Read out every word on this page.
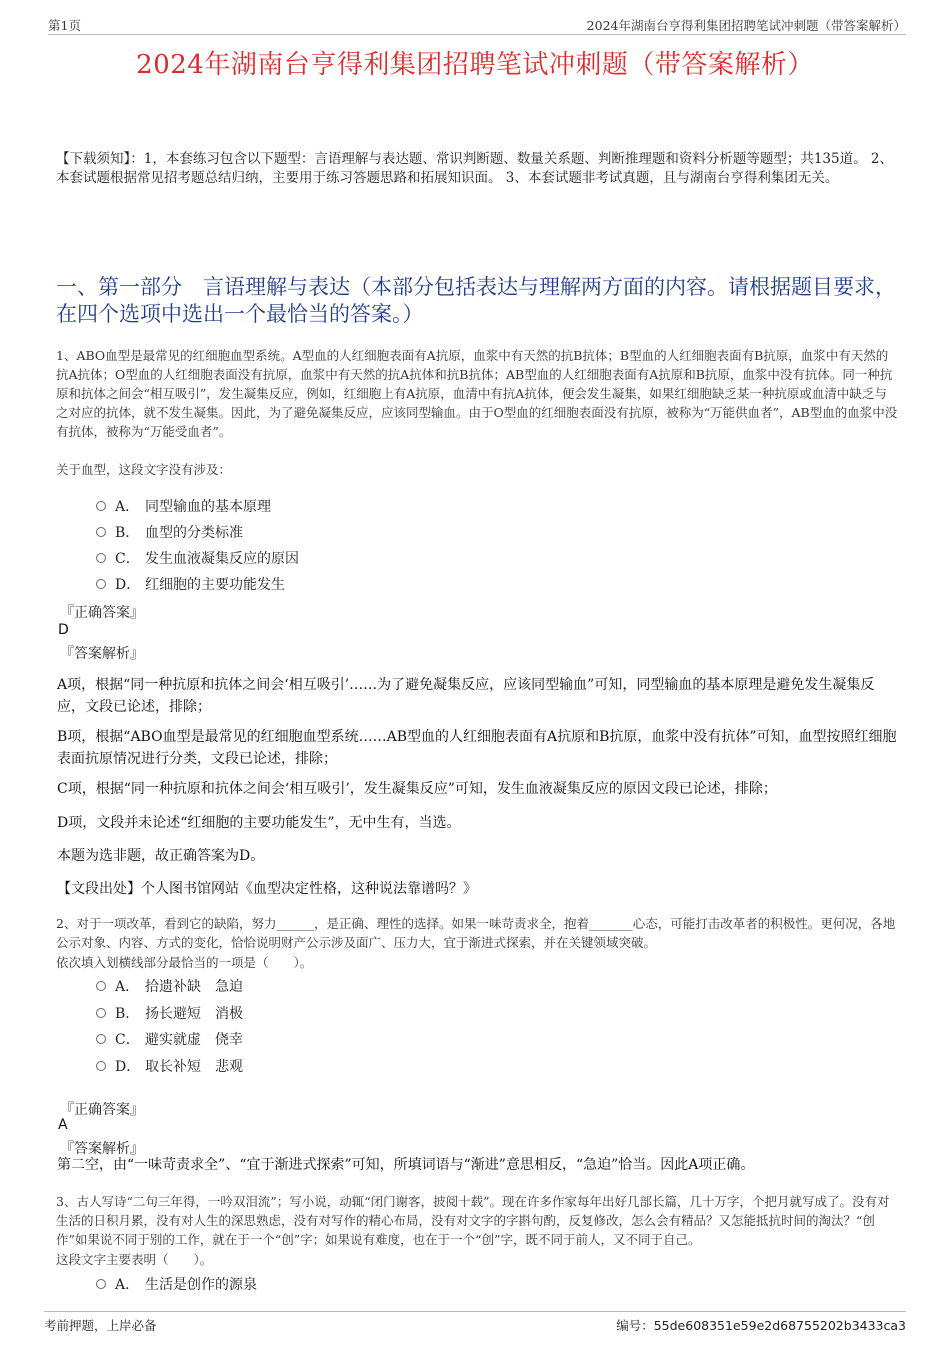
第1页	2024年湖南台亨得利集团招聘笔试冲刺题（带答案解析）
2024年湖南台亨得利集团招聘笔试冲刺题（带答案解析）
【下载须知】：1，本套练习包含以下题型：言语理解与表达题、常识判断题、数量关系题、判断推理题和资料分析题等题型；共135道。 2、本套试题根据常见招考题总结归纳，主要用于练习答题思路和拓展知识面。 3、本套试题非考试真题，且与湖南台亨得利集团无关。
一、第一部分　言语理解与表达（本部分包括表达与理解两方面的内容。请根据题目要求，在四个选项中选出一个最恰当的答案。）
1、ABO血型是最常见的红细胞血型系统。A型血的人红细胞表面有A抗原，血浆中有天然的抗B抗体；B型血的人红细胞表面有B抗原，血浆中有天然的抗A抗体；O型血的人红细胞表面没有抗原，血浆中有天然的抗A抗体和抗B抗体；AB型血的人红细胞表面有A抗原和B抗原，血浆中没有抗体。同一种抗原和抗体之间会“相互吸引”，发生凝集反应，例如，红细胞上有A抗原，血清中有抗A抗体，便会发生凝集，如果红细胞缺乏某一种抗原或血清中缺乏与之对应的抗体，就不发生凝集。因此，为了避免凝集反应，应该同型输血。由于O型血的红细胞表面没有抗原，被称为“万能供血者”，AB型血的血浆中没有抗体，被称为“万能受血者”。
关于血型，这段文字没有涉及：
A． 同型输血的基本原理
B． 血型的分类标准
C． 发生血液凝集反应的原因
D． 红细胞的主要功能发生
『正确答案』
D
『答案解析』
A项，根据“同一种抗原和抗体之间会‘相互吸引’……为了避免凝集反应，应该同型输血”可知，同型输血的基本原理是避免发生凝集反应，文段已论述，排除；
B项，根据“ABO血型是最常见的红细胞血型系统……AB型血的人红细胞表面有A抗原和B抗原，血浆中没有抗体”可知，血型按照红细胞表面抗原情况进行分类，文段已论述，排除；
C项，根据“同一种抗原和抗体之间会‘相互吸引’，发生凝集反应”可知，发生血液凝集反应的原因文段已论述，排除；
D项，文段并未论述“红细胞的主要功能发生”，无中生有，当选。
本题为选非题，故正确答案为D。
【文段出处】个人图书馆网站《血型决定性格，这种说法靠谱吗？》
2、对于一项改革，看到它的缺陷，努力______，是正确、理性的选择。如果一味苛责求全，抱着_______心态，可能打击改革者的积极性。更何况，各地公示对象、内容、方式的变化，恰恰说明财产公示涉及面广、压力大，宜于渐进式探索，并在关键领域突破。
依次填入划横线部分最恰当的一项是（　　）。
A． 拾遗补缺　急迫
B． 扬长避短　消极
C． 避实就虚　侥幸
D． 取长补短　悲观
『正确答案』
A
『答案解析』
第二空，由“一味苛责求全”、“宜于渐进式探索”可知，所填词语与“渐进”意思相反，“急迫”恰当。因此A项正确。
3、古人写诗“二句三年得，一吟双泪流”；写小说，动辄“闭门谢客，披阅十载”。现在许多作家每年出好几部长篇，几十万字，个把月就写成了。没有对生活的日积月累，没有对人生的深思熟虑，没有对写作的精心布局，没有对文字的字斟句酌，反复修改，怎么会有精品？又怎能抵抗时间的淘汰？“创作”如果说不同于别的工作，就在于一个“创”字；如果说有难度，也在于一个“创”字，既不同于前人，又不同于自己。
这段文字主要表明（　　）。
A． 生活是创作的源泉
考前押题，上岸必备	编号：55de608351e59e2d68755202b3433ca3
